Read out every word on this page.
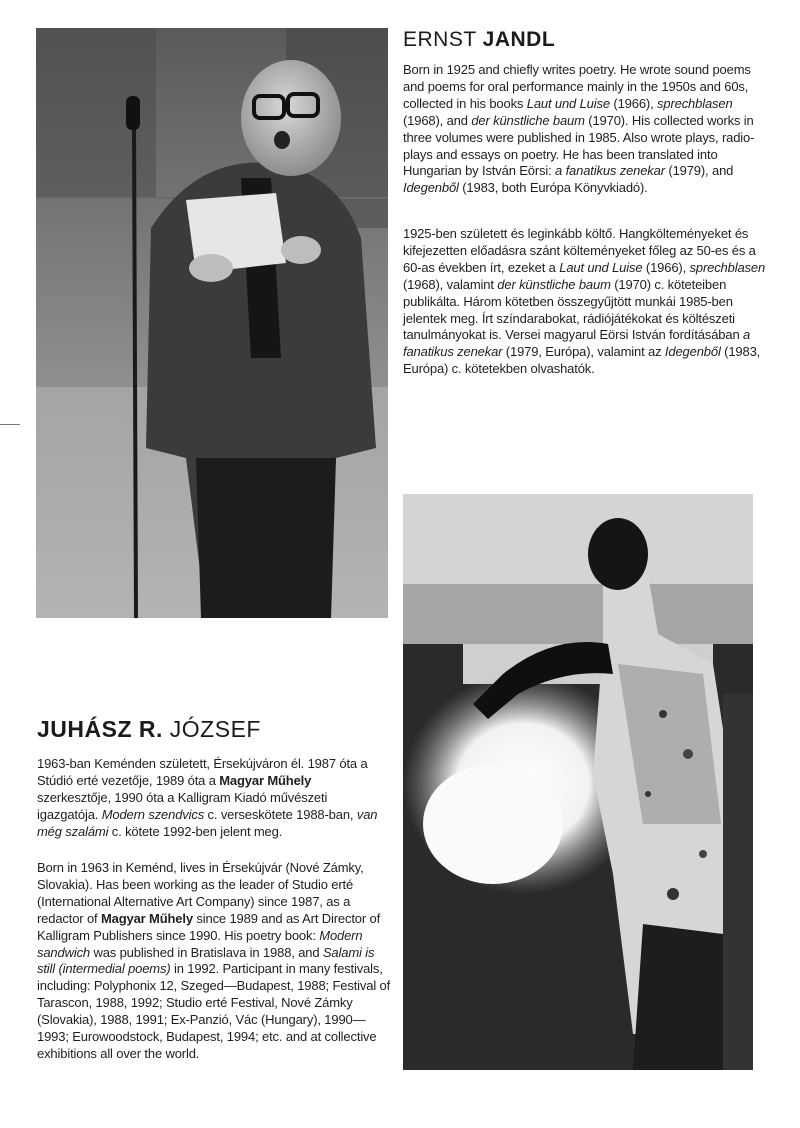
ERNST JANDL

Born in 1925 and chiefly writes poetry. He wrote sound poems and poems for oral performance mainly in the 1950s and 60s, collected in his books Laut und Luise (1966), sprechblasen (1968), and der künstliche baum (1970). His collected works in three volumes were published in 1985. Also wrote plays, radio-plays and essays on poetry. He has been translated into Hungarian by István Eörsi: a fanatikus zenekar (1979), and Idegenből (1983, both Európa Könyvkiadó).

1925-ben született és leginkább költő. Hangkölteményeket és kifejezetten előadásra szánt költeményeket főleg az 50-es és a 60-as években írt, ezeket a Laut und Luise (1966), sprechblasen (1968), valamint der künstliche baum (1970) c. köteteiben publikálta. Három kötetben összegyűjtött munkái 1985-ben jelentek meg. Írt színdarabokat, rádiójátékokat és költészeti tanulmányokat is. Versei magyarul Eörsi István fordításában a fanatikus zenekar (1979, Európa), valamint az Idegenből (1983, Európa) c. kötetekben olvashatók.

JUHÁSZ R. JÓZSEF

1963-ban Keménden született, Érsekújváron él. 1987 óta a Stúdió erté vezetője, 1989 óta a Magyar Műhely szerkesztője, 1990 óta a Kalligram Kiadó művészeti igazgatója. Modern szendvics c. verseskötete 1988-ban, van még szalámi c. kötete 1992-ben jelent meg.

Born in 1963 in Keménd, lives in Érsekújvár (Nové Zámky, Slovakia). Has been working as the leader of Studio erté (International Alternative Art Company) since 1987, as a redactor of Magyar Műhely since 1989 and as Art Director of Kalligram Publishers since 1990. His poetry book: Modern sandwich was published in Bratislava in 1988, and Salami is still (intermedial poems) in 1992. Participant in many festivals, including: Polyphonix 12, Szeged—Budapest, 1988; Festival of Tarascon, 1988, 1992; Studio erté Festival, Nové Zámky (Slovakia), 1988, 1991; Ex-Panzió, Vác (Hungary), 1990—1993; Eurowoodstock, Budapest, 1994; etc. and at collective exhibitions all over the world.
